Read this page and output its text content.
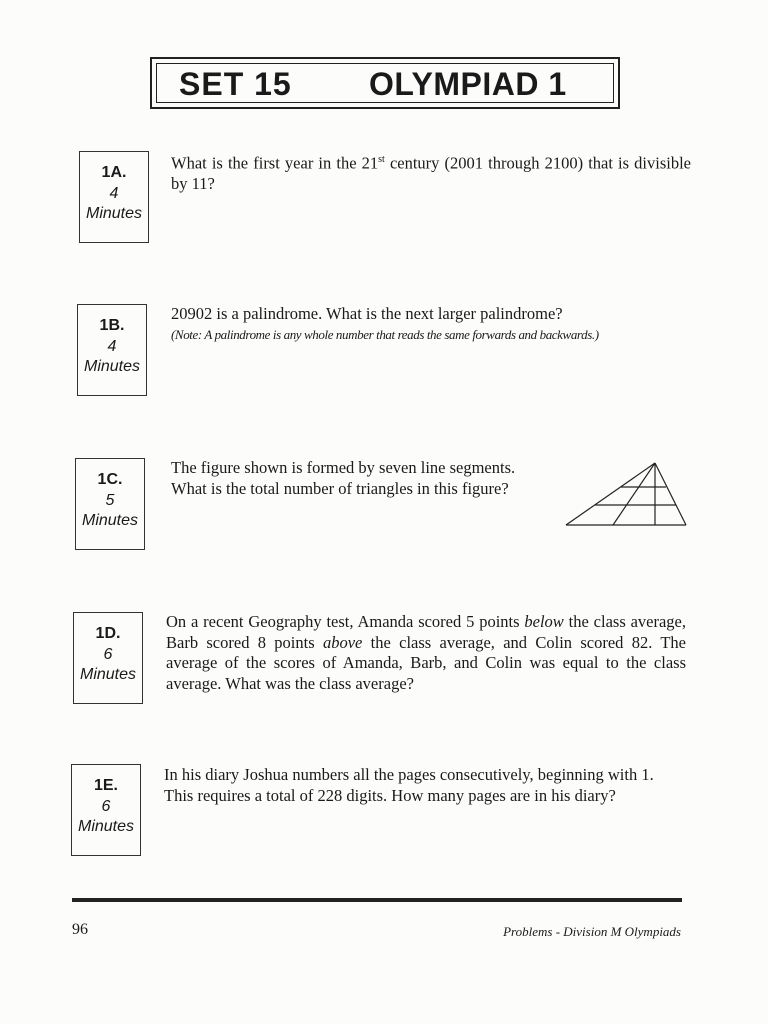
SET 15 OLYMPIAD 1
1A.
4
Minutes
What is the first year in the 21st century (2001 through 2100) that is divisible by 11?
1B.
4
Minutes
20902 is a palindrome. What is the next larger palindrome?
(Note: A palindrome is any whole number that reads the same forwards and backwards.)
1C.
5
Minutes
The figure shown is formed by seven line segments. What is the total number of triangles in this figure?
1D.
6
Minutes
On a recent Geography test, Amanda scored 5 points below the class average, Barb scored 8 points above the class average, and Colin scored 82. The average of the scores of Amanda, Barb, and Colin was equal to the class average. What was the class average?
1E.
6
Minutes
In his diary Joshua numbers all the pages consecutively, beginning with 1. This requires a total of 228 digits. How many pages are in his diary?
96	Problems - Division M Olympiads
